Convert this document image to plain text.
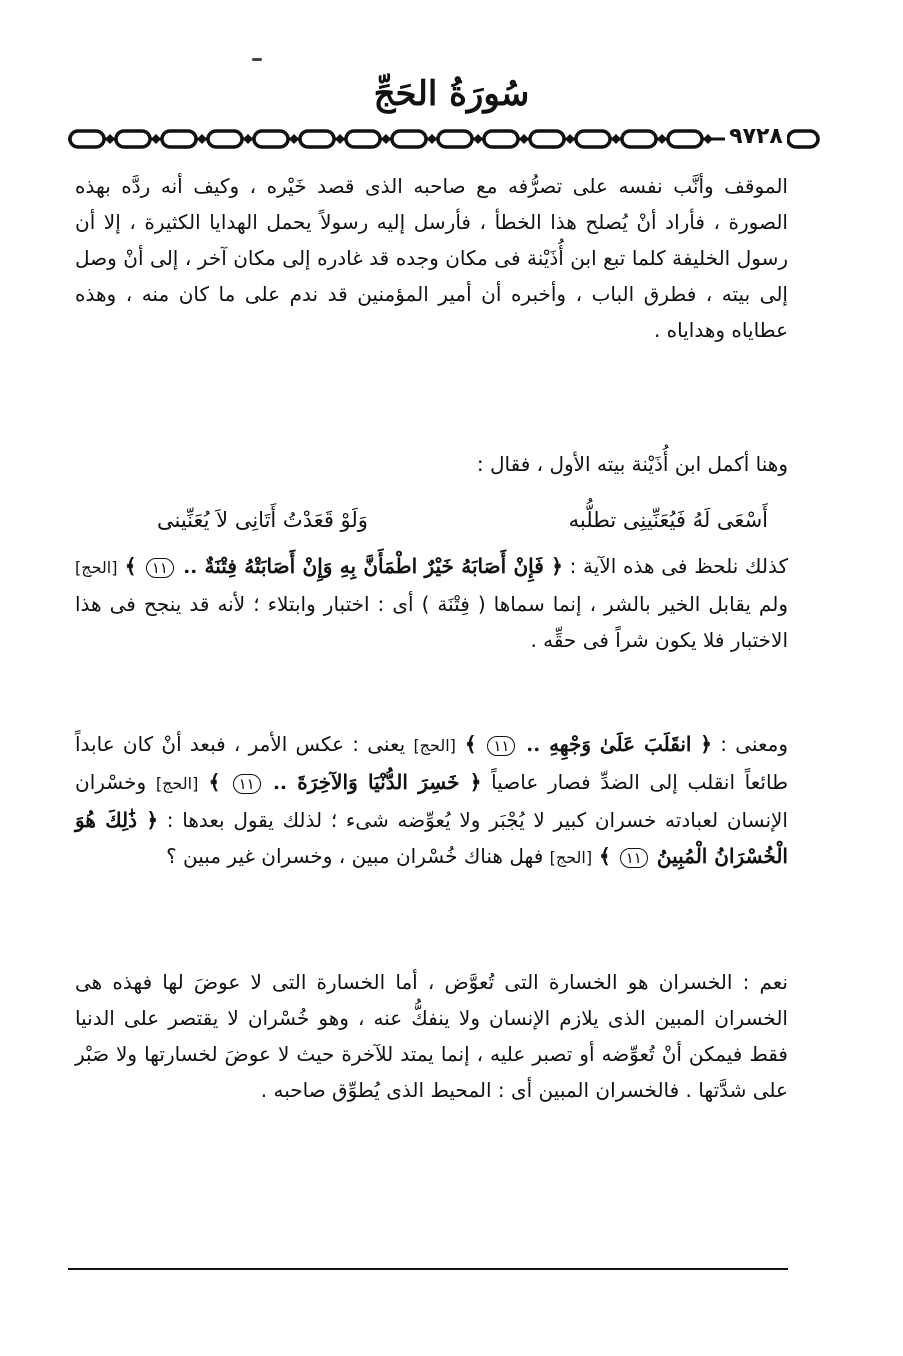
سُورَةُ الحَجِّ
٩٧٢٨
الموقف وأنَّب نفسه على تصرُّفه مع صاحبه الذى قصد خَيْره ، وكيف أنه ردَّه بهذه الصورة ، فأراد أنْ يُصلح هذا الخطأ ، فأرسل إليه رسولاً يحمل الهدايا الكثيرة ، إلا أن رسول الخليفة كلما تبع ابن أُذَيْنة فى مكان وجده قد غادره إلى مكان آخر ، إلى أنْ وصل إلى بيته ، فطرق الباب ، وأخبره أن أمير المؤمنين قد ندم على ما كان منه ، وهذه عطاياه وهداياه .
وهنا أكمل ابن أُذَيْنة بيته الأول ، فقال :
أَسْعَى لَهُ فَيُعَنِّينِى تطلُّبه
وَلَوْ قَعَدْتُ أَتَانِى لاَ يُعَنِّينى
كذلك نلحظ فى هذه الآية : ﴿ فَإِنْ أَصَابَهُ خَيْرٌ اطْمَأَنَّ بِهِ وَإِنْ أَصَابَتْهُ فِتْنَةٌ .. ١١ ﴾ [الحج] ولم يقابل الخير بالشر ، إنما سماها ( فِتْنَة ) أى : اختبار وابتلاء ؛ لأنه قد ينجح فى هذا الاختبار فلا يكون شراً فى حقِّه .
ومعنى : ﴿ انقَلَبَ عَلَىٰ وَجْهِهِ .. ١١ ﴾ [الحج] يعنى : عكس الأمر ، فبعد أنْ كان عابداً طائعاً انقلب إلى الضدِّ فصار عاصياً ﴿ خَسِرَ الدُّنْيَا وَالآخِرَةَ .. ١١ ﴾ [الحج] وخسْران الإنسان لعبادته خسران كبير لا يُجْبَر ولا يُعوِّضه شىء ؛ لذلك يقول بعدها : ﴿ ذَٰلِكَ هُوَ الْخُسْرَانُ الْمُبِينُ ١١ ﴾ [الحج] فهل هناك خُسْران مبين ، وخسران غير مبين ؟
نعم : الخسران هو الخسارة التى تُعوَّض ، أما الخسارة التى لا عوضَ لها فهذه هى الخسران المبين الذى يلازم الإنسان ولا ينفكُّ عنه ، وهو خُسْران لا يقتصر على الدنيا فقط فيمكن أنْ تُعوِّضه أو تصبر عليه ، إنما يمتد للآخرة حيث لا عوضَ لخسارتها ولا صَبْر على شدَّتها . فالخسران المبين أى : المحيط الذى يُطوِّق صاحبه .
